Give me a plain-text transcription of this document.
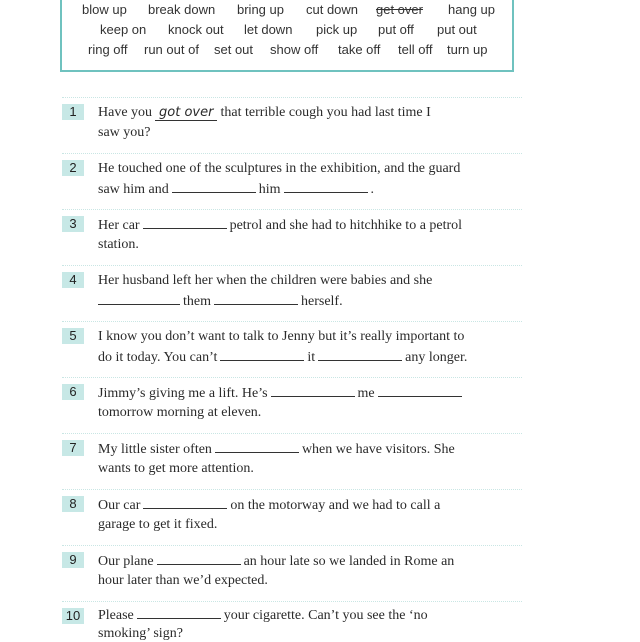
blow up break down bring up cut down get over hang up
keep on knock out let down pick up put off put out
ring off run out of set out show off take off tell off turn up
1	Have you got over that terrible cough you had last time I
saw you?
2	He touched one of the sculptures in the exhibition, and the guard
saw him and	him	.
3	Her car	petrol and she had to hitchhike to a petrol
station.
4	Her husband left her when the children were babies and she
them	herself.
5	I know you don’t want to talk to Jenny but it’s really important to
do it today. You can’t	it	any longer.
6	Jimmy’s giving me a lift. He’s	me
tomorrow morning at eleven.
7	My little sister often	when we have visitors. She
wants to get more attention.
8	Our car	on the motorway and we had to call a
garage to get it fixed.
9	Our plane	an hour late so we landed in Rome an
hour later than we’d expected.
10 Please	your cigarette. Can’t you see the ‘no
smoking’ sign?
